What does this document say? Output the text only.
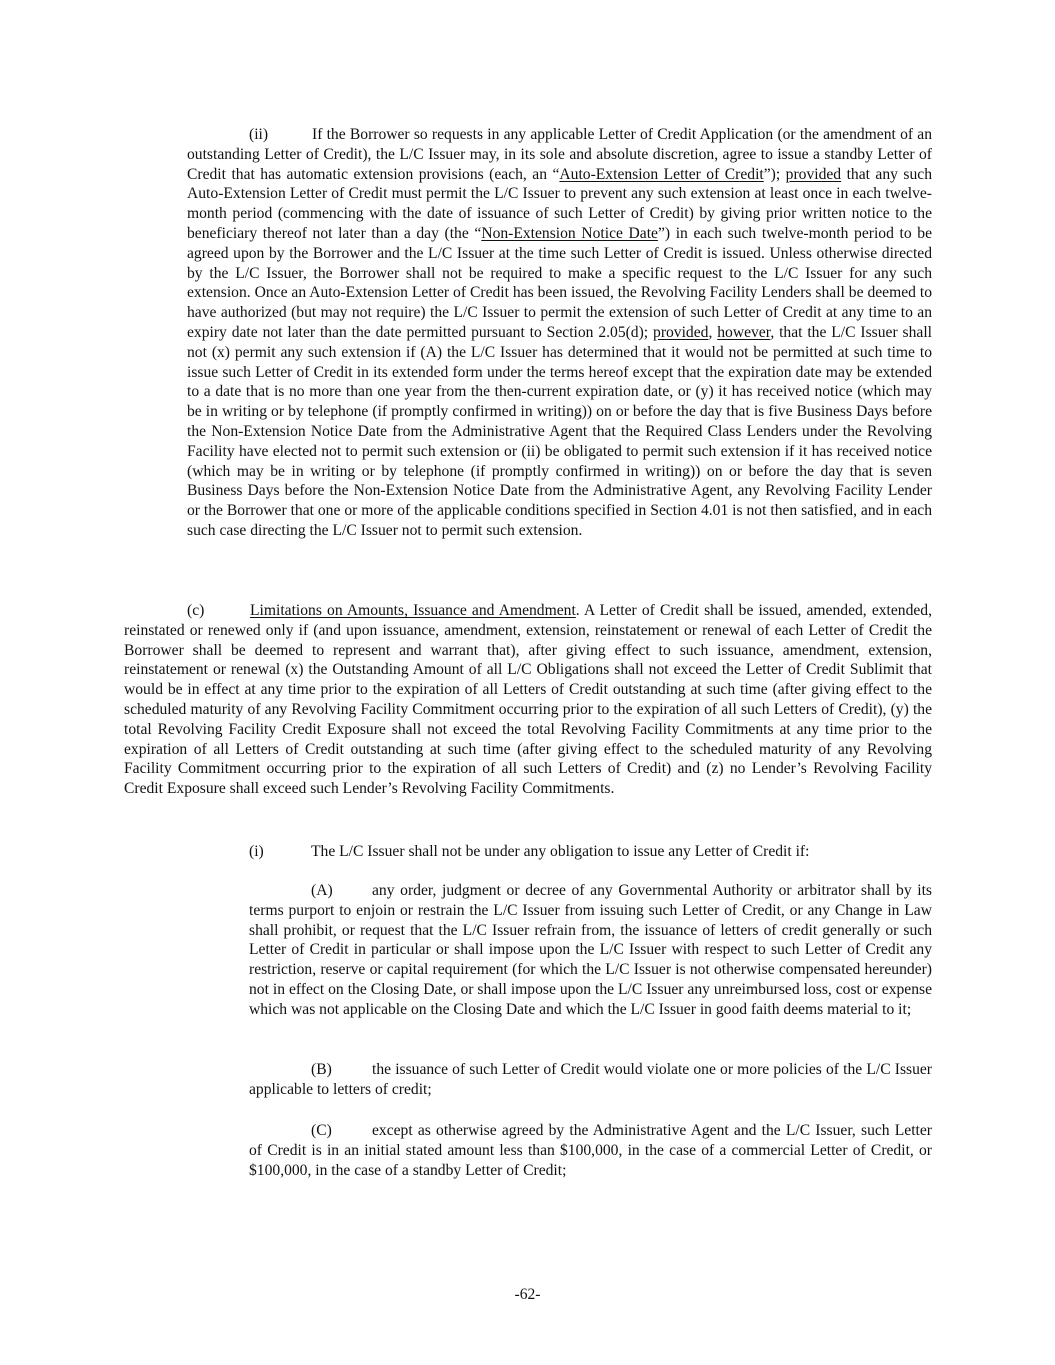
(ii)	If the Borrower so requests in any applicable Letter of Credit Application (or the amendment of an outstanding Letter of Credit), the L/C Issuer may, in its sole and absolute discretion, agree to issue a standby Letter of Credit that has automatic extension provisions (each, an “Auto-Extension Letter of Credit”); provided that any such Auto-Extension Letter of Credit must permit the L/C Issuer to prevent any such extension at least once in each twelve-month period (commencing with the date of issuance of such Letter of Credit) by giving prior written notice to the beneficiary thereof not later than a day (the “Non-Extension Notice Date”) in each such twelve-month period to be agreed upon by the Borrower and the L/C Issuer at the time such Letter of Credit is issued. Unless otherwise directed by the L/C Issuer, the Borrower shall not be required to make a specific request to the L/C Issuer for any such extension. Once an Auto-Extension Letter of Credit has been issued, the Revolving Facility Lenders shall be deemed to have authorized (but may not require) the L/C Issuer to permit the extension of such Letter of Credit at any time to an expiry date not later than the date permitted pursuant to Section 2.05(d); provided, however, that the L/C Issuer shall not (x) permit any such extension if (A) the L/C Issuer has determined that it would not be permitted at such time to issue such Letter of Credit in its extended form under the terms hereof except that the expiration date may be extended to a date that is no more than one year from the then-current expiration date, or (y) it has received notice (which may be in writing or by telephone (if promptly confirmed in writing)) on or before the day that is five Business Days before the Non-Extension Notice Date from the Administrative Agent that the Required Class Lenders under the Revolving Facility have elected not to permit such extension or (ii) be obligated to permit such extension if it has received notice (which may be in writing or by telephone (if promptly confirmed in writing)) on or before the day that is seven Business Days before the Non-Extension Notice Date from the Administrative Agent, any Revolving Facility Lender or the Borrower that one or more of the applicable conditions specified in Section 4.01 is not then satisfied, and in each such case directing the L/C Issuer not to permit such extension.

(c)	Limitations on Amounts, Issuance and Amendment. A Letter of Credit shall be issued, amended, extended, reinstated or renewed only if (and upon issuance, amendment, extension, reinstatement or renewal of each Letter of Credit the Borrower shall be deemed to represent and warrant that), after giving effect to such issuance, amendment, extension, reinstatement or renewal (x) the Outstanding Amount of all L/C Obligations shall not exceed the Letter of Credit Sublimit that would be in effect at any time prior to the expiration of all Letters of Credit outstanding at such time (after giving effect to the scheduled maturity of any Revolving Facility Commitment occurring prior to the expiration of all such Letters of Credit), (y) the total Revolving Facility Credit Exposure shall not exceed the total Revolving Facility Commitments at any time prior to the expiration of all Letters of Credit outstanding at such time (after giving effect to the scheduled maturity of any Revolving Facility Commitment occurring prior to the expiration of all such Letters of Credit) and (z) no Lender’s Revolving Facility Credit Exposure shall exceed such Lender’s Revolving Facility Commitments.

(i)	The L/C Issuer shall not be under any obligation to issue any Letter of Credit if:

(A)	any order, judgment or decree of any Governmental Authority or arbitrator shall by its terms purport to enjoin or restrain the L/C Issuer from issuing such Letter of Credit, or any Change in Law shall prohibit, or request that the L/C Issuer refrain from, the issuance of letters of credit generally or such Letter of Credit in particular or shall impose upon the L/C Issuer with respect to such Letter of Credit any restriction, reserve or capital requirement (for which the L/C Issuer is not otherwise compensated hereunder) not in effect on the Closing Date, or shall impose upon the L/C Issuer any unreimbursed loss, cost or expense which was not applicable on the Closing Date and which the L/C Issuer in good faith deems material to it;

(B)	the issuance of such Letter of Credit would violate one or more policies of the L/C Issuer applicable to letters of credit;

(C)	except as otherwise agreed by the Administrative Agent and the L/C Issuer, such Letter of Credit is in an initial stated amount less than $100,000, in the case of a commercial Letter of Credit, or $100,000, in the case of a standby Letter of Credit;

-62-
